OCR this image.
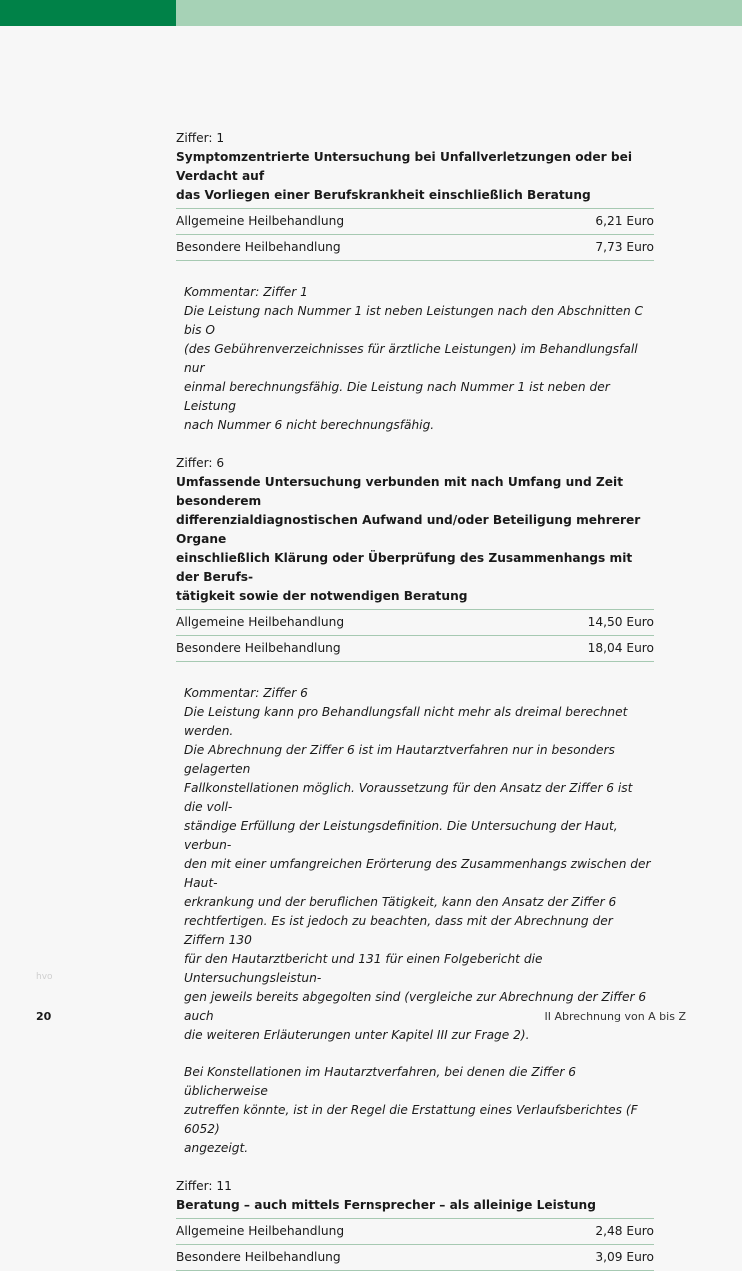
Ziffer: 1
Symptomzentrierte Untersuchung bei Unfallverletzungen oder bei Verdacht auf
das Vorliegen einer Berufskrankheit einschließlich Beratung
Allgemeine Heilbehandlung	6,21 Euro
Besondere Heilbehandlung	7,73 Euro

Kommentar: Ziffer 1
Die Leistung nach Nummer 1 ist neben Leistungen nach den Abschnitten C bis O
(des Gebührenverzeichnisses für ärztliche Leistungen) im Behandlungsfall nur
einmal berechnungsfähig. Die Leistung nach Nummer 1 ist neben der Leistung
nach Nummer 6 nicht berechnungsfähig.

Ziffer: 6
Umfassende Untersuchung verbunden mit nach Umfang und Zeit besonderem
differenzialdiagnostischen Aufwand und/oder Beteiligung mehrerer Organe
einschließlich Klärung oder Überprüfung des Zusammenhangs mit der Berufs-
tätigkeit sowie der notwendigen Beratung
Allgemeine Heilbehandlung	14,50 Euro
Besondere Heilbehandlung	18,04 Euro

Kommentar: Ziffer 6
Die Leistung kann pro Behandlungsfall nicht mehr als dreimal berechnet werden.
Die Abrechnung der Ziffer 6 ist im Hautarztverfahren nur in besonders gelagerten
Fallkonstellationen möglich. Voraussetzung für den Ansatz der Ziffer 6 ist die voll-
ständige Erfüllung der Leistungsdefinition. Die Untersuchung der Haut, verbun-
den mit einer umfangreichen Erörterung des Zusammenhangs zwischen der Haut-
erkrankung und der beruflichen Tätigkeit, kann den Ansatz der Ziffer 6
rechtfertigen. Es ist jedoch zu beachten, dass mit der Abrechnung der Ziffern 130
für den Hautarztbericht und 131 für einen Folgebericht die Untersuchungsleistun-
gen jeweils bereits abgegolten sind (vergleiche zur Abrechnung der Ziffer 6 auch
die weiteren Erläuterungen unter Kapitel III zur Frage 2).

Bei Konstellationen im Hautarztverfahren, bei denen die Ziffer 6 üblicherweise
zutreffen könnte, ist in der Regel die Erstattung eines Verlaufsberichtes (F 6052)
angezeigt.

Ziffer: 11
Beratung – auch mittels Fernsprecher – als alleinige Leistung
Allgemeine Heilbehandlung	2,48 Euro
Besondere Heilbehandlung	3,09 Euro
hvo
20	II Abrechnung von A bis Z
